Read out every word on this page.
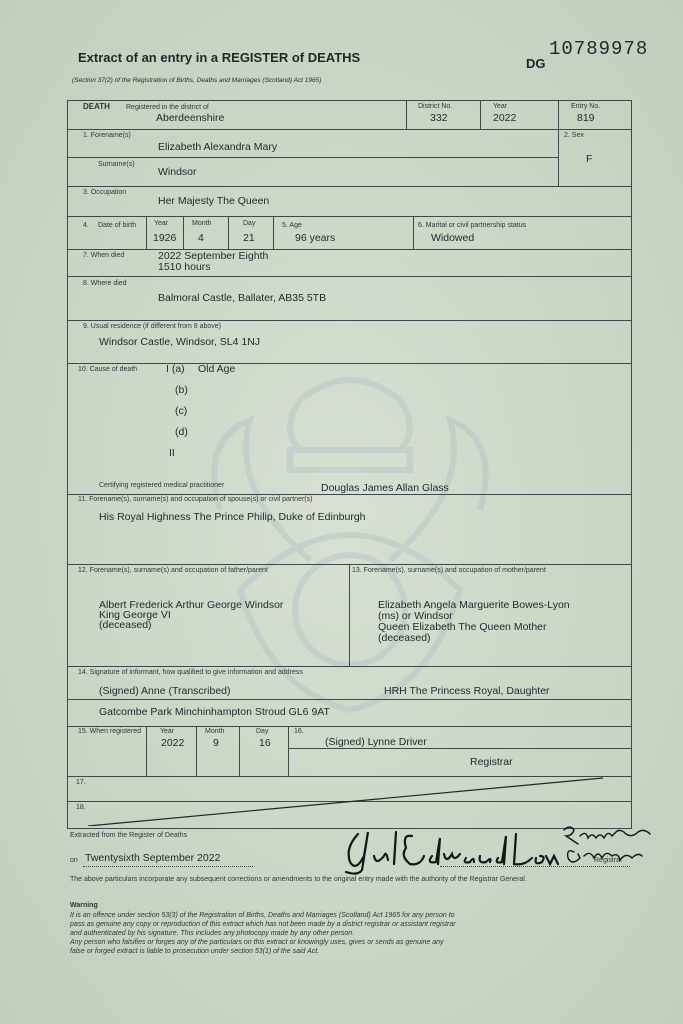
Extract of an entry in a REGISTER of DEATHS
(Section 37(2) of the Registration of Births, Deaths and Marriages (Scotland) Act 1965)
10789978
DG
DEATH Registered in the district of
Aberdeenshire
District No.
332
Year
2022
Entry No.
819
1. Forename(s)
Elizabeth Alexandra Mary
Surname(s)
Windsor
2. Sex
F
3. Occupation
Her Majesty The Queen
4. Date of birth	Year
1926
Month
4
Day
21
5. Age
96 years
6. Marital or civil partnership status
Widowed
7. When died	2022 September Eighth
1510 hours
8. Where died
Balmoral Castle, Ballater, AB35 5TB
9. Usual residence (if different from 8 above)
Windsor Castle, Windsor, SL4 1NJ
10. Cause of death	I (a) Old Age
(b)
(c)
(d)
II
Certifying registered medical practitioner	Douglas James Allan Glass
11. Forename(s), surname(s) and occupation of spouse(s) or civil partner(s)
His Royal Highness The Prince Philip, Duke of Edinburgh
12. Forename(s), surname(s) and occupation of father/parent
Albert Frederick Arthur George Windsor
King George VI
(deceased)
13. Forename(s), surname(s) and occupation of mother/parent
Elizabeth Angela Marguerite Bowes-Lyon
(ms) or Windsor
Queen Elizabeth The Queen Mother
(deceased)
14. Signature of informant, how qualified to give information and address
(Signed) Anne (Transcribed)	HRH The Princess Royal, Daughter
Gatcombe Park Minchinhampton Stroud GL6 9AT
15. When registered	Year
2022
Month
9
Day
16
16.
(Signed) Lynne Driver
Registrar
17.
18.
Extracted from the Register of Deaths
on Twentysixth September 2022	Registrar
The above particulars incorporate any subsequent corrections or amendments to the original entry made with the authority of the Registrar General.
Warning
It is an offence under section 53(3) of the Registration of Births, Deaths and Marriages (Scotland) Act 1965 for any person to
pass as genuine any copy or reproduction of this extract which has not been made by a district registrar or assistant registrar
and authenticated by his signature. This includes any photocopy made by any other person.
Any person who falsifies or forges any of the particulars on this extract or knowingly uses, gives or sends as genuine any
false or forged extract is liable to prosecution under section 53(1) of the said Act.
